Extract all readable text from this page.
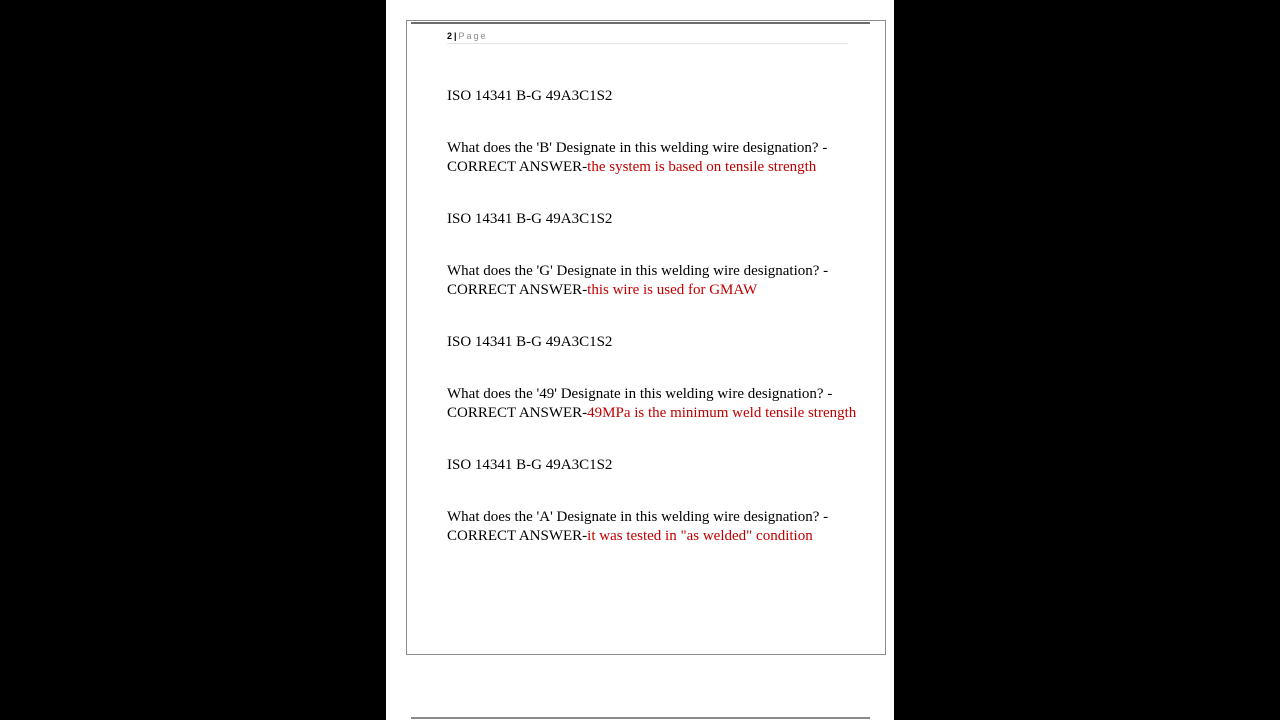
2 | Page

ISO 14341 B-G 49A3C1S2

What does the 'B' Designate in this welding wire designation? - CORRECT ANSWER-the system is based on tensile strength

ISO 14341 B-G 49A3C1S2

What does the 'G' Designate in this welding wire designation? - CORRECT ANSWER-this wire is used for GMAW

ISO 14341 B-G 49A3C1S2

What does the '49' Designate in this welding wire designation? - CORRECT ANSWER-49MPa is the minimum weld tensile strength

ISO 14341 B-G 49A3C1S2

What does the 'A' Designate in this welding wire designation? - CORRECT ANSWER-it was tested in "as welded" condition
